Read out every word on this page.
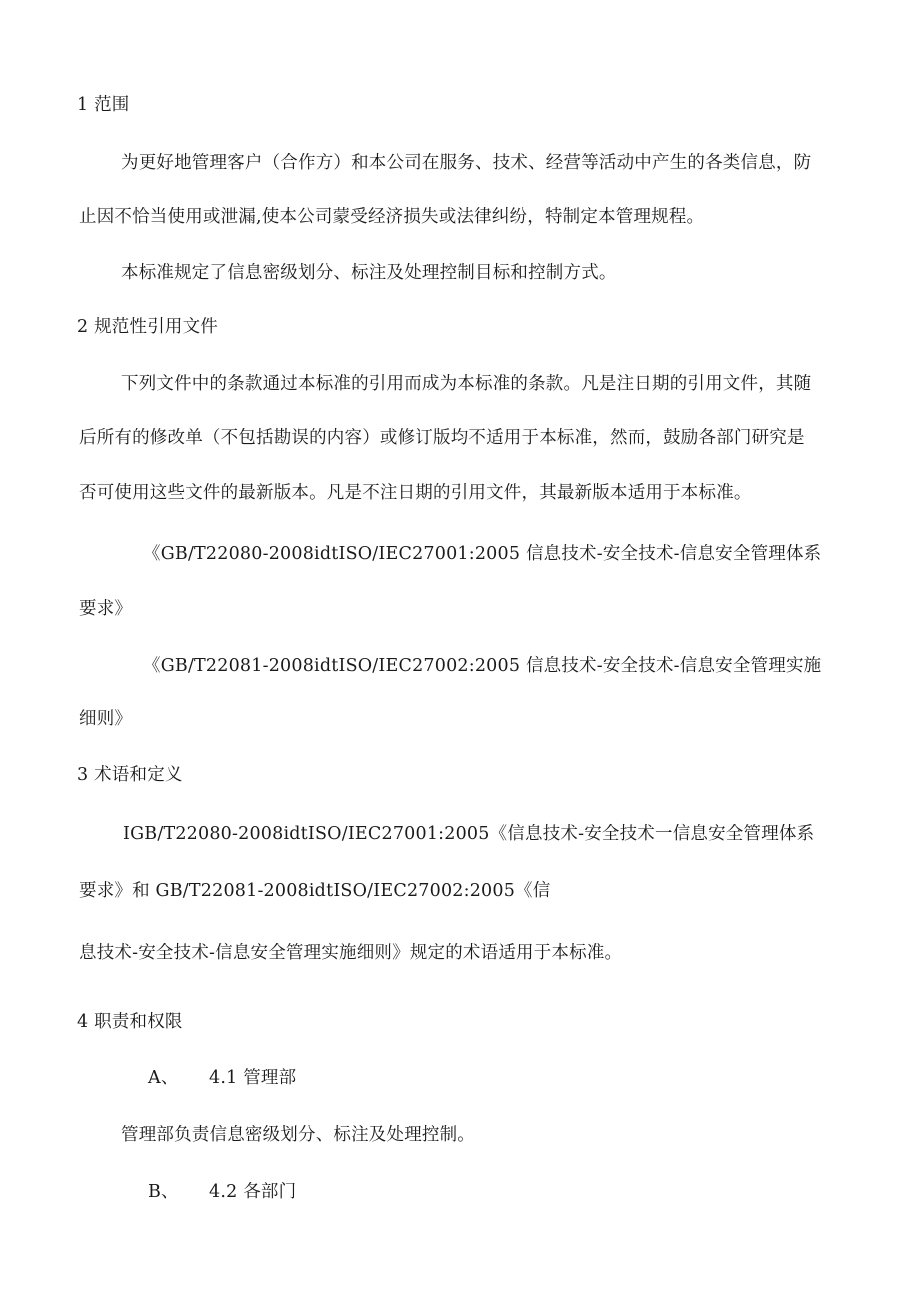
1 范围
为更好地管理客户（合作方）和本公司在服务、技术、经营等活动中产生的各类信息，防
止因不恰当使用或泄漏,使本公司蒙受经济损失或法律纠纷，特制定本管理规程。
本标准规定了信息密级划分、标注及处理控制目标和控制方式。
2 规范性引用文件
下列文件中的条款通过本标准的引用而成为本标准的条款。凡是注日期的引用文件，其随
后所有的修改单（不包括勘误的内容）或修订版均不适用于本标准，然而，鼓励各部门研究是
否可使用这些文件的最新版本。凡是不注日期的引用文件，其最新版本适用于本标准。
《GB/T22080-2008idtISO/IEC27001:2005 信息技术-安全技术-信息安全管理体系
要求》
《GB/T22081-2008idtISO/IEC27002:2005 信息技术-安全技术-信息安全管理实施
细则》
3 术语和定义
IGB/T22080-2008idtISO/IEC27001:2005《信息技术-安全技术一信息安全管理体系
要求》和 GB/T22081-2008idtISO/IEC27002:2005《信
息技术-安全技术-信息安全管理实施细则》规定的术语适用于本标准。
4 职责和权限
A、 4.1 管理部
管理部负责信息密级划分、标注及处理控制。
B、 4.2 各部门
